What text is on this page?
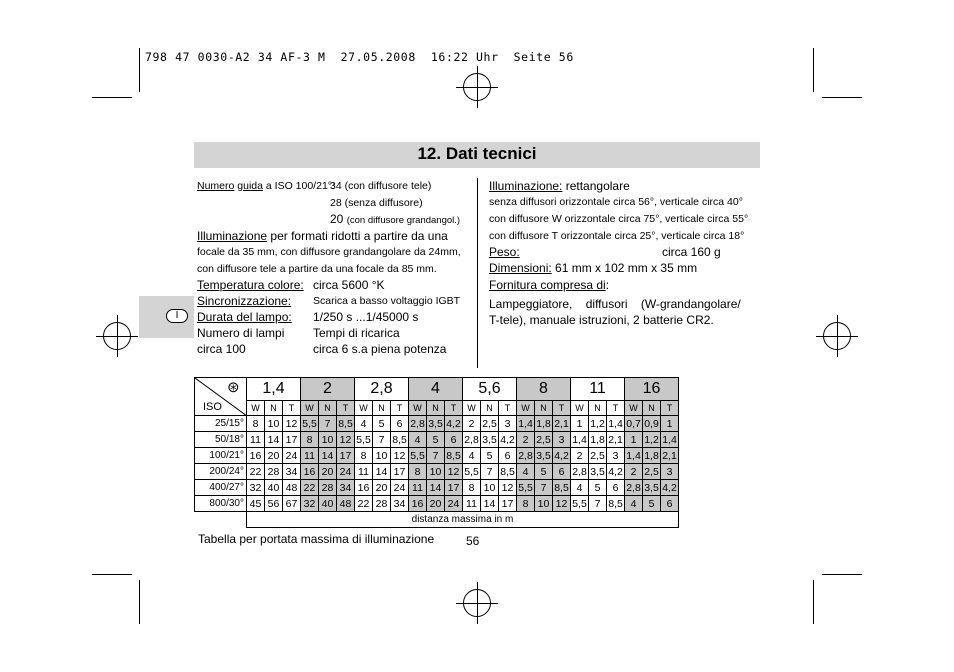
798 47 0030-A2 34 AF-3 M  27.05.2008  16:22 Uhr  Seite 56
12. Dati tecnici
I
Numero guida a ISO 100/21°:
34 (con diffusore tele)
28 (senza diffusore)
20 (con diffusore grandangol.)
Illuminazione per formati ridotti a partire da una
focale da 35 mm, con diffusore grandangolare da 24mm,
con diffusore tele a partire da una focale da 85 mm.
Temperatura colore: circa 5600 °K
Sincronizzazione: Scarica a basso voltaggio IGBT
Durata del lampo: 1/250 s ...1/45000 s
Numero di lampi Tempi di ricarica
circa 100	circa 6 s.a piena potenza
Illuminazione: rettangolare
senza diffusori orizzontale circa 56°, verticale circa 40°
con diffusore W orizzontale circa 75°, verticale circa 55°
con diffusore T orizzontale circa 25°, verticale circa 18°
Peso:	circa 160 g
Dimensioni: 61 mm x 102 mm x 35 mm
Fornitura compresa di:
Lampeggiatore,    diffusori    (W-grandangolare/
T-tele), manuale istruzioni, 2 batterie CR2.
⊛
ISO	1,4			2			2,8			4			5,6			8			11			16		
	W	N	T	W	N	T	W	N	T	W	N	T	W	N	T	W	N	T	W	N	T	W	N	T
25/15°	8	10	12	5,5	7	8,5	4	5	6	2,8	3,5	4,2	2	2,5	3	1,4	1,8	2,1	1	1,2	1,4	0,7	0,9	1
50/18°	11	14	17	8	10	12	5,5	7	8,5	4	5	6	2,8	3,5	4,2	2	2,5	3	1,4	1,8	2,1	1	1,2	1,4
100/21°	16	20	24	11	14	17	8	10	12	5,5	7	8,5	4	5	6	2,8	3,5	4,2	2	2,5	3	1,4	1,8	2,1
200/24°	22	28	34	16	20	24	11	14	17	8	10	12	5,5	7	8,5	4	5	6	2,8	3,5	4,2	2	2,5	3
400/27°	32	40	48	22	28	34	16	20	24	11	14	17	8	10	12	5,5	7	8,5	4	5	6	2,8	3,5	4,2
800/30°	45	56	67	32	40	48	22	28	34	16	20	24	11	14	17	8	10	12	5,5	7	8,5	4	5	6
	distanza massima in m																							
Tabella per portata massima di illuminazione	56
